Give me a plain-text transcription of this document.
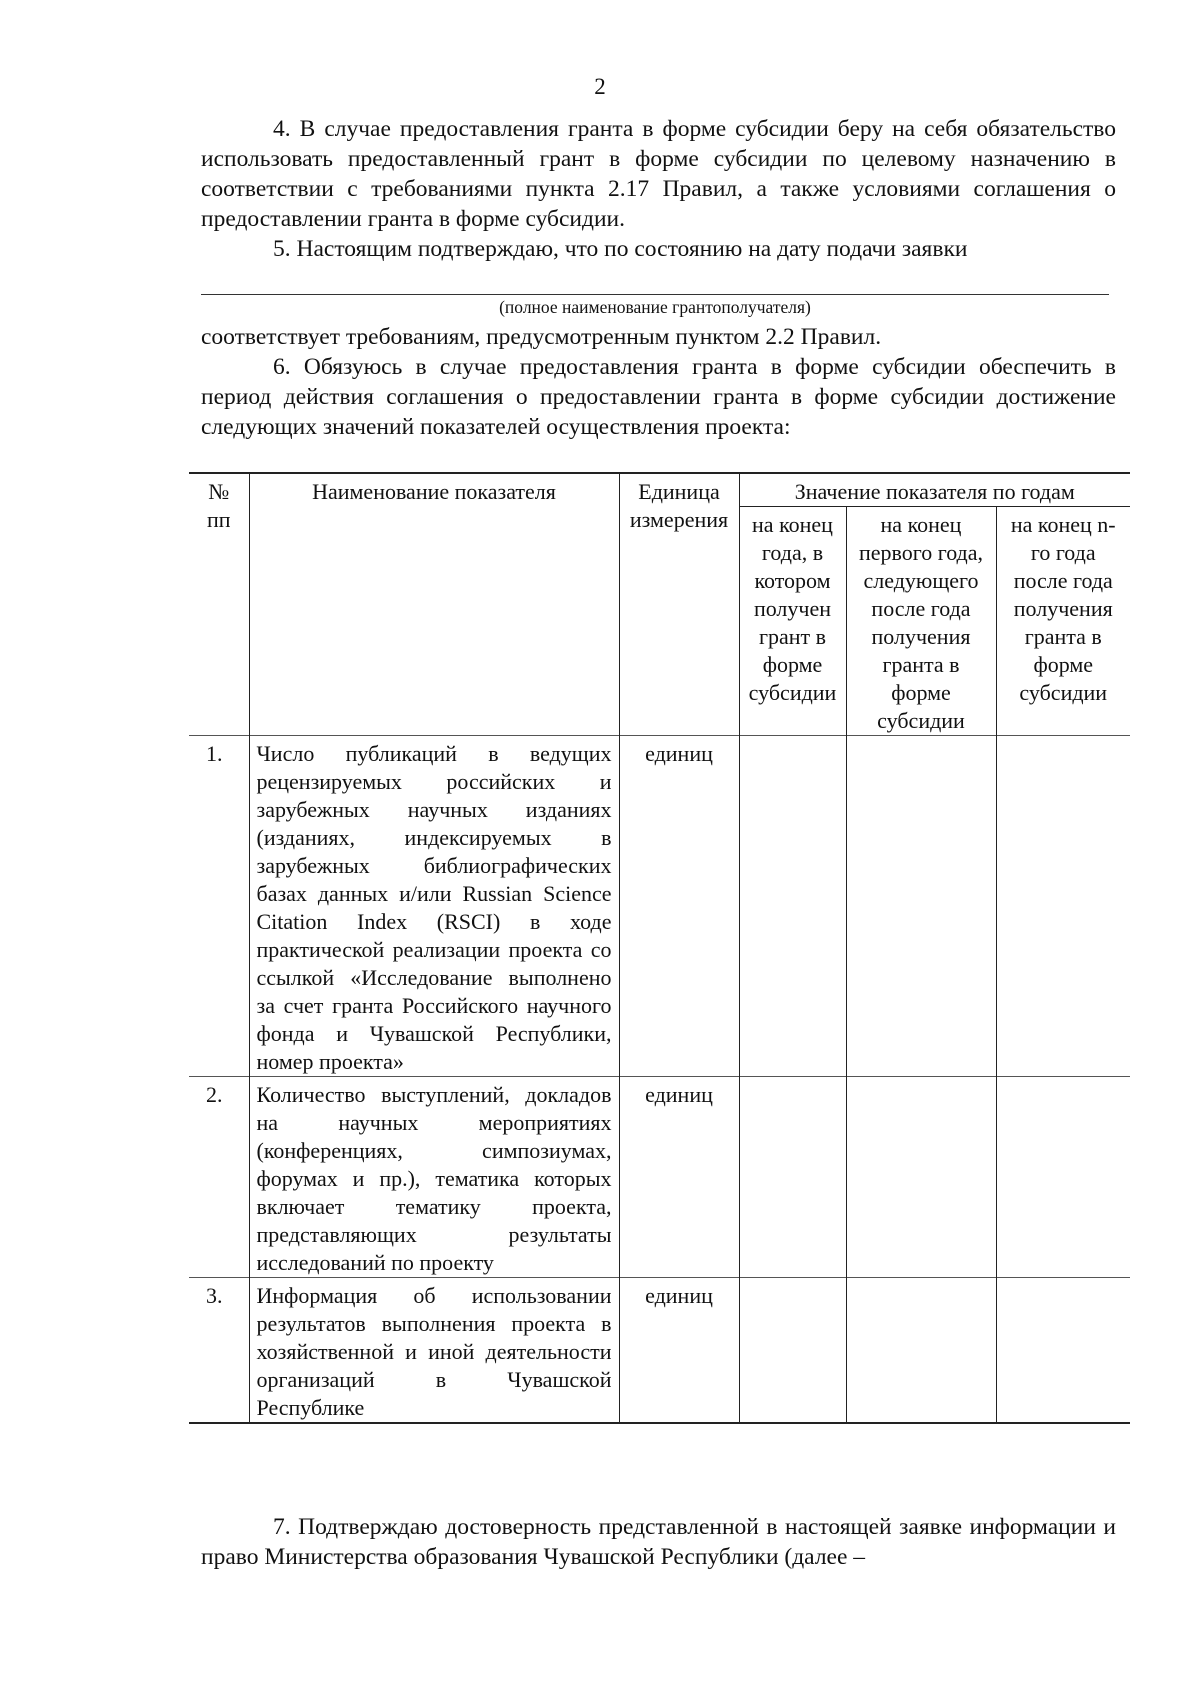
2

4. В случае предоставления гранта в форме субсидии беру на себя обязательство использовать предоставленный грант в форме субсидии по целевому назначению в соответствии с требованиями пункта 2.17 Правил, а также условиями соглашения о предоставлении гранта в форме субсидии.

5. Настоящим подтверждаю, что по состоянию на дату подачи заявки

(полное наименование грантополучателя)

соответствует требованиям, предусмотренным пунктом 2.2 Правил.

6. Обязуюсь в случае предоставления гранта в форме субсидии обеспечить в период действия соглашения о предоставлении гранта в форме субсидии достижение следующих значений показателей осуществления проекта:

№ пп	Наименование показателя	Единица измерения	Значение показателя по годам		
			на конец года, в котором получен грант в форме субсидии	на конец первого года, следующего после года получения гранта в форме субсидии	на конец n-го года после года получения гранта в форме субсидии
1.	Число публикаций в ведущих рецензируемых российских и зарубежных научных изданиях (изданиях, индексируемых в зарубежных библиографических базах данных и/или Russian Science Citation Index (RSCI) в ходе практической реализации проекта со ссылкой «Исследование выполнено за счет гранта Российского научного фонда и Чувашской Республики, номер проекта»	единиц			
2.	Количество выступлений, докладов на научных мероприятиях (конференциях, симпозиумах, форумах и пр.), тематика которых включает тематику проекта, представляющих результаты исследований по проекту	единиц			
3.	Информация об использовании результатов выполнения проекта в хозяйственной и иной деятельности организаций в Чувашской Республике	единиц			

7. Подтверждаю достоверность представленной в настоящей заявке информации и право Министерства образования Чувашской Республики (далее –
